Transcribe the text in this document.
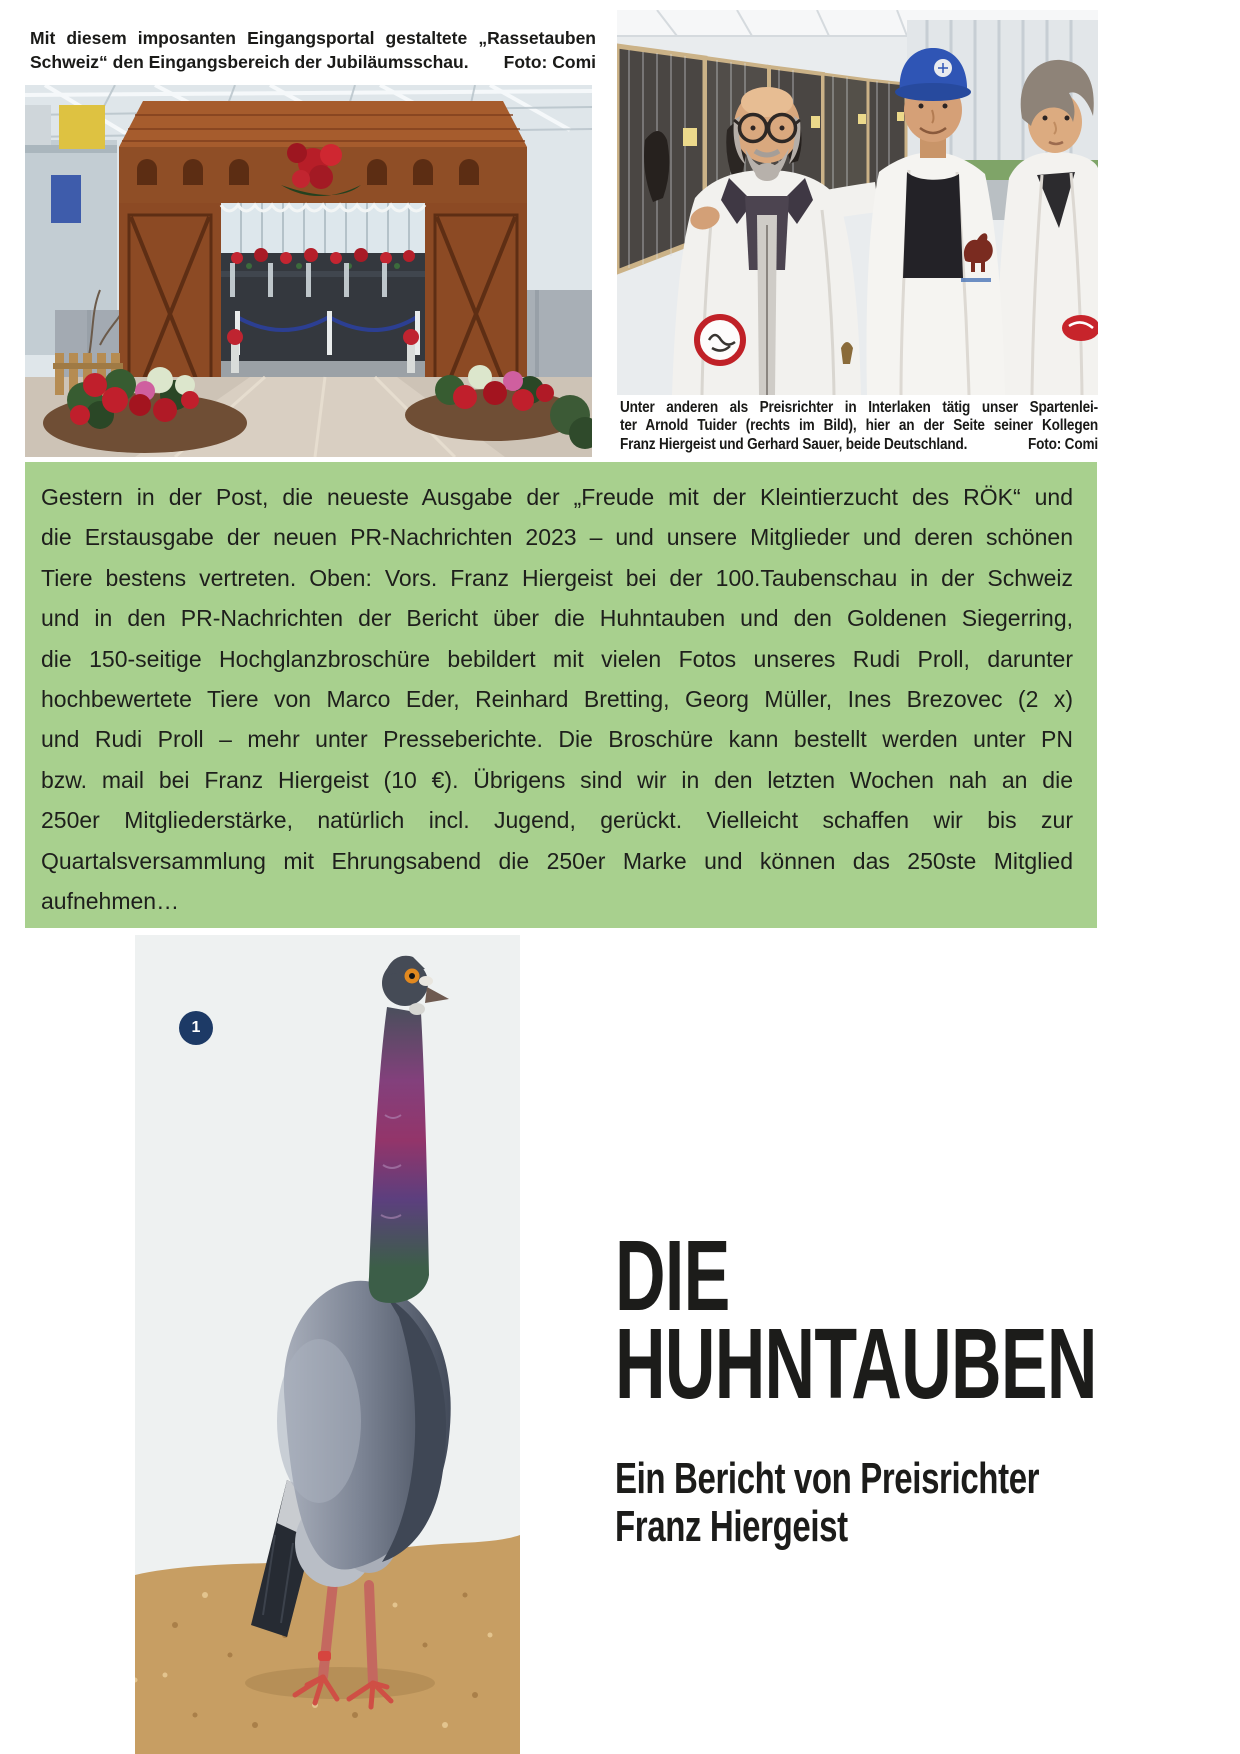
Mit diesem imposanten Eingangsportal gestaltete „Rassetauben
Schweiz“ den Eingangsbereich der Jubiläumsschau. Foto: Comi
Unter anderen als Preisrichter in Interlaken tätig unser Spartenlei-
ter Arnold Tuider (rechts im Bild), hier an der Seite seiner Kollegen
Franz Hiergeist und Gerhard Sauer, beide Deutschland.	Foto: Comi
Gestern in der Post, die neueste Ausgabe der „Freude mit der Kleintierzucht des RÖK“ und
die Erstausgabe der neuen PR-Nachrichten 2023 – und unsere Mitglieder und deren schönen
Tiere bestens vertreten. Oben: Vors. Franz Hiergeist bei der 100.Taubenschau in der Schweiz
und in den PR-Nachrichten der Bericht über die Huhntauben und den Goldenen Siegerring,
die 150-seitige Hochglanzbroschüre bebildert mit vielen Fotos unseres Rudi Proll, darunter
hochbewertete Tiere von Marco Eder, Reinhard Bretting, Georg Müller, Ines Brezovec (2 x)
und Rudi Proll – mehr unter Presseberichte. Die Broschüre kann bestellt werden unter PN
bzw. mail bei Franz Hiergeist (10 €). Übrigens sind wir in den letzten Wochen nah an die
250er Mitgliederstärke, natürlich incl. Jugend, gerückt. Vielleicht schaffen wir bis zur
Quartalsversammlung mit Ehrungsabend die 250er Marke und können das 250ste Mitglied
aufnehmen…
1
DIE
HUHNTAUBEN
Ein Bericht von Preisrichter
Franz Hiergeist
